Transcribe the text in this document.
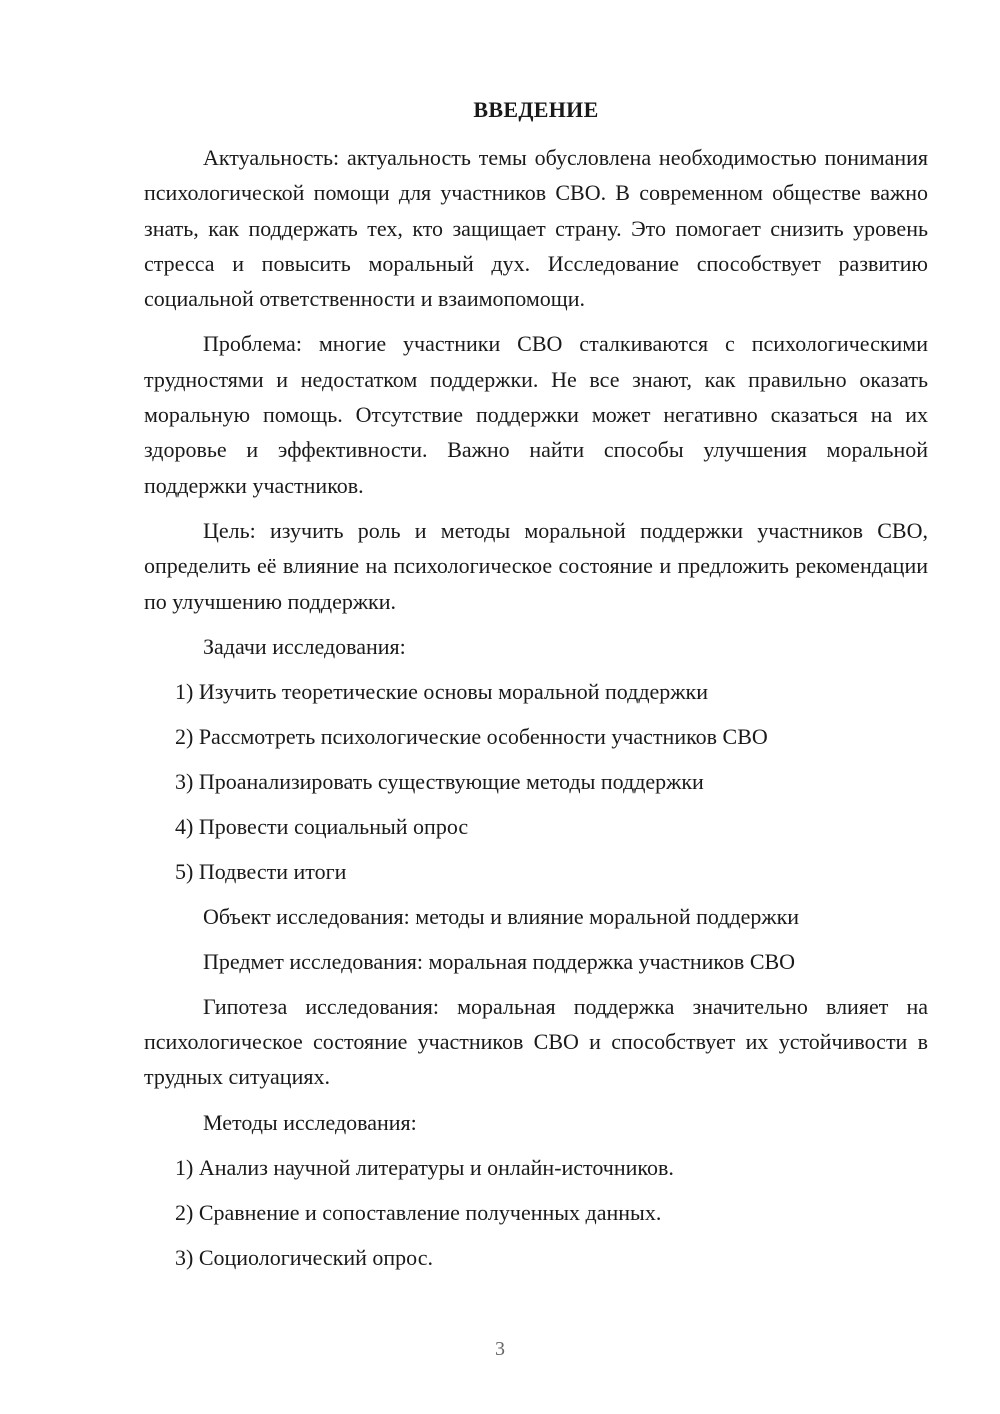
ВВЕДЕНИЕ

Актуальность: актуальность темы обусловлена необходимостью понимания психологической помощи для участников СВО. В современном обществе важно знать, как поддержать тех, кто защищает страну. Это помогает снизить уровень стресса и повысить моральный дух. Исследование способствует развитию социальной ответственности и взаимопомощи.

Проблема: многие участники СВО сталкиваются с психологическими трудностями и недостатком поддержки. Не все знают, как правильно оказать моральную помощь. Отсутствие поддержки может негативно сказаться на их здоровье и эффективности. Важно найти способы улучшения моральной поддержки участников.

Цель: изучить роль и методы моральной поддержки участников СВО, определить её влияние на психологическое состояние и предложить рекомендации по улучшению поддержки.

Задачи исследования:
1) Изучить теоретические основы моральной поддержки
2) Рассмотреть психологические особенности участников СВО
3) Проанализировать существующие методы поддержки
4) Провести социальный опрос
5) Подвести итоги
Объект исследования: методы и влияние моральной поддержки
Предмет исследования: моральная поддержка участников СВО

Гипотеза исследования: моральная поддержка значительно влияет на психологическое состояние участников СВО и способствует их устойчивости в трудных ситуациях.

Методы исследования:
1) Анализ научной литературы и онлайн-источников.
2) Сравнение и сопоставление полученных данных.
3) Социологический опрос.
3
